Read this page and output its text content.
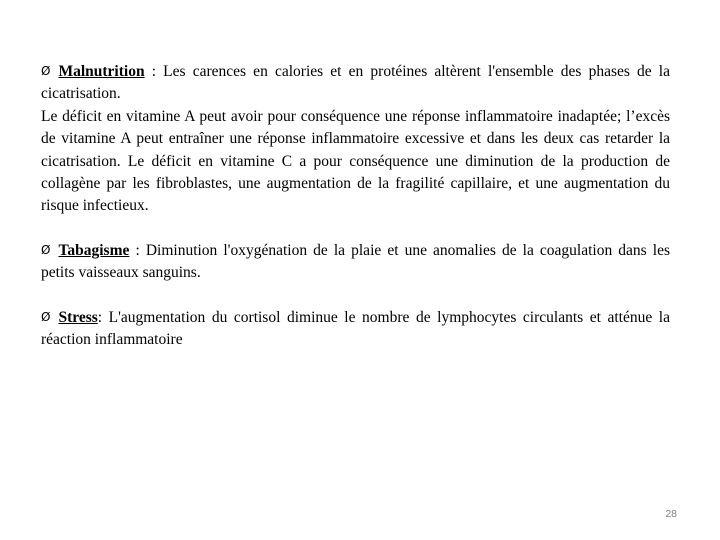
Ø Malnutrition : Les carences en calories et en protéines altèrent l'ensemble des phases de la cicatrisation.
Le déficit en vitamine A peut avoir pour conséquence une réponse inflammatoire inadaptée; l’excès de vitamine A peut entraîner une réponse inflammatoire excessive et dans les deux cas retarder la cicatrisation. Le déficit en vitamine C a pour conséquence une diminution de la production de collagène par les fibroblastes, une augmentation de la fragilité capillaire, et une augmentation du risque infectieux.
Ø Tabagisme : Diminution l'oxygénation de la plaie et une anomalies de la coagulation dans les petits vaisseaux sanguins.
Ø Stress: L'augmentation du cortisol diminue le nombre de lymphocytes circulants et atténue la réaction inflammatoire
28
